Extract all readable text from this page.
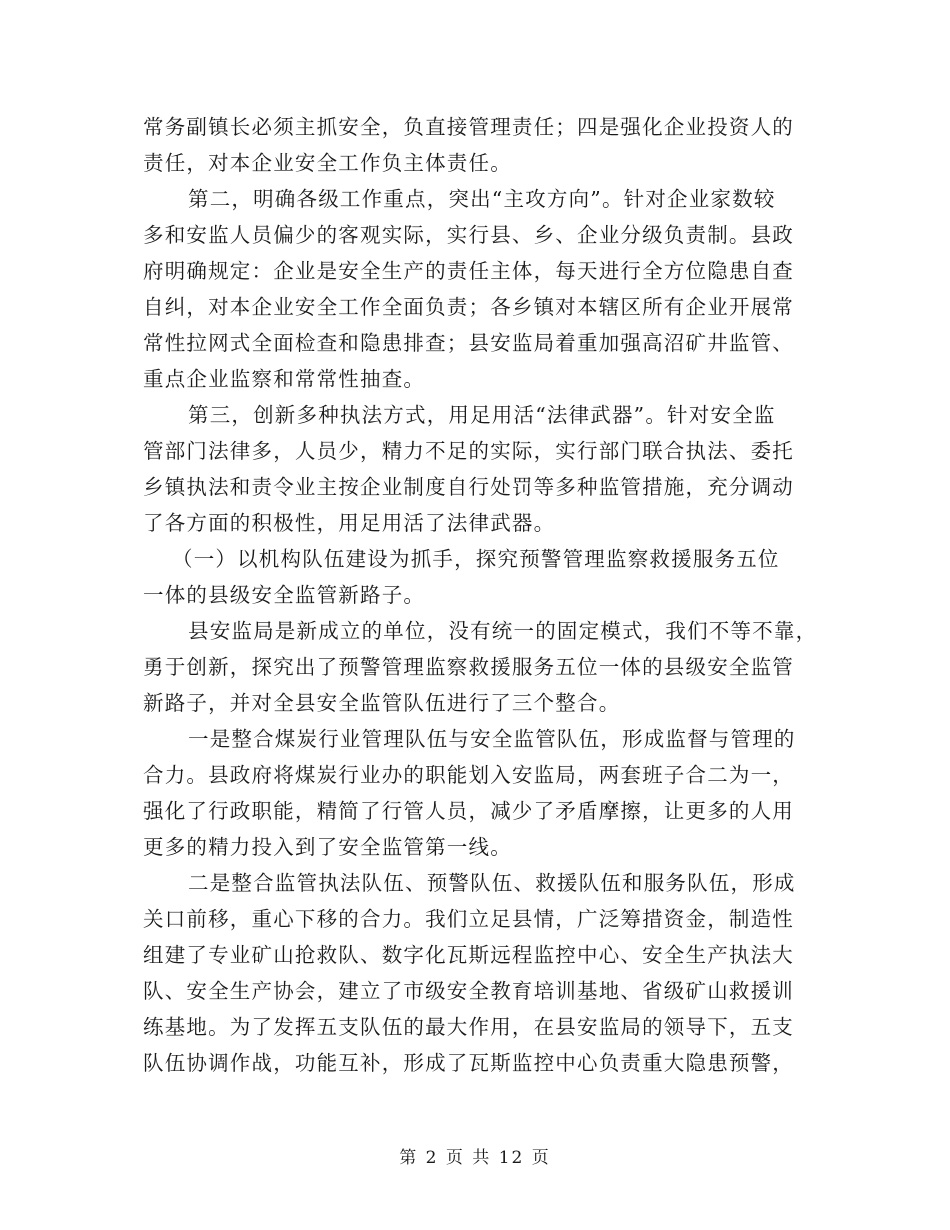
常务副镇长必须主抓安全，负直接管理责任；四是强化企业投资人的
责任，对本企业安全工作负主体责任。
第二，明确各级工作重点，突出“主攻方向”。针对企业家数较
多和安监人员偏少的客观实际，实行县、乡、企业分级负责制。县政
府明确规定：企业是安全生产的责任主体，每天进行全方位隐患自查
自纠，对本企业安全工作全面负责；各乡镇对本辖区所有企业开展常
常性拉网式全面检查和隐患排查；县安监局着重加强高沼矿井监管、
重点企业监察和常常性抽查。
第三，创新多种执法方式，用足用活“法律武器”。针对安全监
管部门法律多，人员少，精力不足的实际，实行部门联合执法、委托
乡镇执法和责令业主按企业制度自行处罚等多种监管措施，充分调动
了各方面的积极性，用足用活了法律武器。
（一）以机构队伍建设为抓手，探究预警管理监察救援服务五位
一体的县级安全监管新路子。
县安监局是新成立的单位，没有统一的固定模式，我们不等不靠，
勇于创新，探究出了预警管理监察救援服务五位一体的县级安全监管
新路子，并对全县安全监管队伍进行了三个整合。
一是整合煤炭行业管理队伍与安全监管队伍，形成监督与管理的
合力。县政府将煤炭行业办的职能划入安监局，两套班子合二为一，
强化了行政职能，精简了行管人员，减少了矛盾摩擦，让更多的人用
更多的精力投入到了安全监管第一线。
二是整合监管执法队伍、预警队伍、救援队伍和服务队伍，形成
关口前移，重心下移的合力。我们立足县情，广泛筹措资金，制造性
组建了专业矿山抢救队、数字化瓦斯远程监控中心、安全生产执法大
队、安全生产协会，建立了市级安全教育培训基地、省级矿山救援训
练基地。为了发挥五支队伍的最大作用，在县安监局的领导下，五支
队伍协调作战，功能互补，形成了瓦斯监控中心负责重大隐患预警，
第 2 页 共 12 页
